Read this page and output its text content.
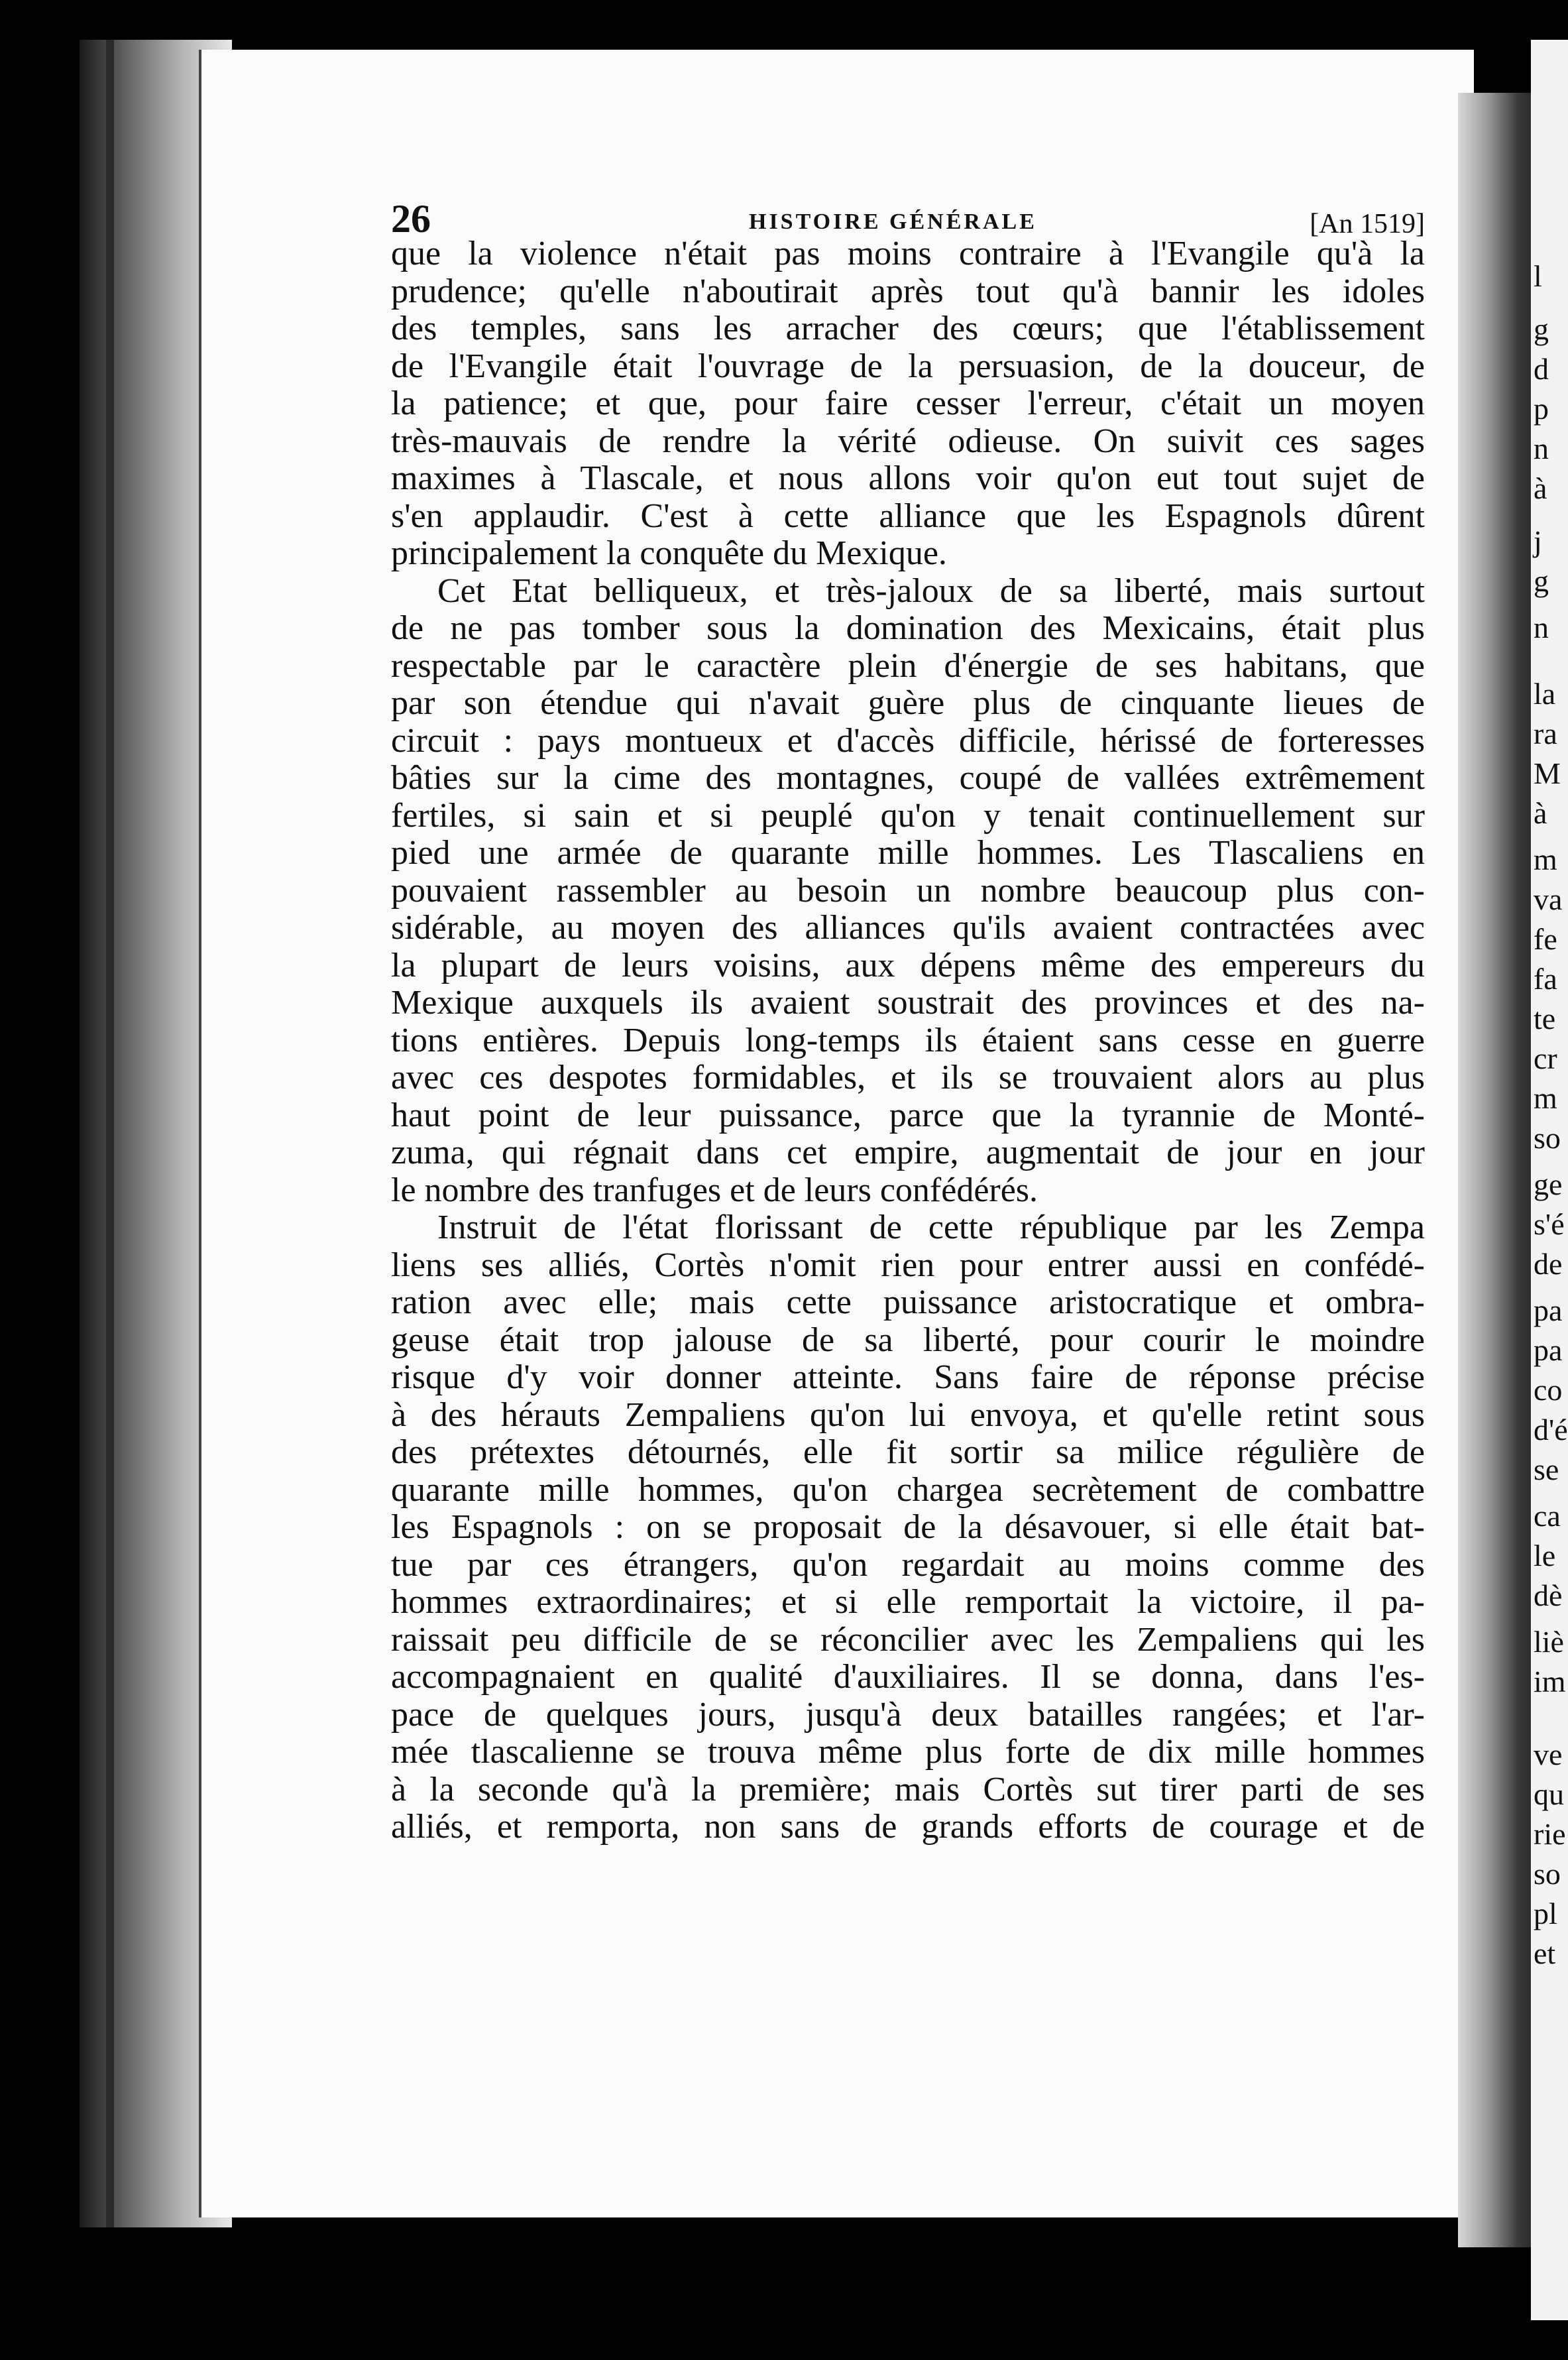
l
g
d
p
n
à
j
g
n
la
ra
M
à
m
va
fe
fa
te
cr
m
so
ge
s'é
de
pa
pa
co
d'é
se
ca
le
dè
liè
im
ve
qu
rie
so
pl
et
26	HISTOIRE GÉNÉRALE	[An 1519]
que la violence n'était pas moins contraire à l'Evangile qu'à la
prudence; qu'elle n'aboutirait après tout qu'à bannir les idoles
des temples, sans les arracher des cœurs; que l'établissement
de l'Evangile était l'ouvrage de la persuasion, de la douceur, de
la patience; et que, pour faire cesser l'erreur, c'était un moyen
très-mauvais de rendre la vérité odieuse. On suivit ces sages
maximes à Tlascale, et nous allons voir qu'on eut tout sujet de
s'en applaudir. C'est à cette alliance que les Espagnols dûrent
principalement la conquête du Mexique.
Cet Etat belliqueux, et très-jaloux de sa liberté, mais surtout
de ne pas tomber sous la domination des Mexicains, était plus
respectable par le caractère plein d'énergie de ses habitans, que
par son étendue qui n'avait guère plus de cinquante lieues de
circuit : pays montueux et d'accès difficile, hérissé de forteresses
bâties sur la cime des montagnes, coupé de vallées extrêmement
fertiles, si sain et si peuplé qu'on y tenait continuellement sur
pied une armée de quarante mille hommes. Les Tlascaliens en
pouvaient rassembler au besoin un nombre beaucoup plus con-
sidérable, au moyen des alliances qu'ils avaient contractées avec
la plupart de leurs voisins, aux dépens même des empereurs du
Mexique auxquels ils avaient soustrait des provinces et des na-
tions entières. Depuis long-temps ils étaient sans cesse en guerre
avec ces despotes formidables, et ils se trouvaient alors au plus
haut point de leur puissance, parce que la tyrannie de Monté-
zuma, qui régnait dans cet empire, augmentait de jour en jour
le nombre des tranfuges et de leurs confédérés.
Instruit de l'état florissant de cette république par les Zempa
liens ses alliés, Cortès n'omit rien pour entrer aussi en confédé-
ration avec elle; mais cette puissance aristocratique et ombra-
geuse était trop jalouse de sa liberté, pour courir le moindre
risque d'y voir donner atteinte. Sans faire de réponse précise
à des hérauts Zempaliens qu'on lui envoya, et qu'elle retint sous
des prétextes détournés, elle fit sortir sa milice régulière de
quarante mille hommes, qu'on chargea secrètement de combattre
les Espagnols : on se proposait de la désavouer, si elle était bat-
tue par ces étrangers, qu'on regardait au moins comme des
hommes extraordinaires; et si elle remportait la victoire, il pa-
raissait peu difficile de se réconcilier avec les Zempaliens qui les
accompagnaient en qualité d'auxiliaires. Il se donna, dans l'es-
pace de quelques jours, jusqu'à deux batailles rangées; et l'ar-
mée tlascalienne se trouva même plus forte de dix mille hommes
à la seconde qu'à la première; mais Cortès sut tirer parti de ses
alliés, et remporta, non sans de grands efforts de courage et de
